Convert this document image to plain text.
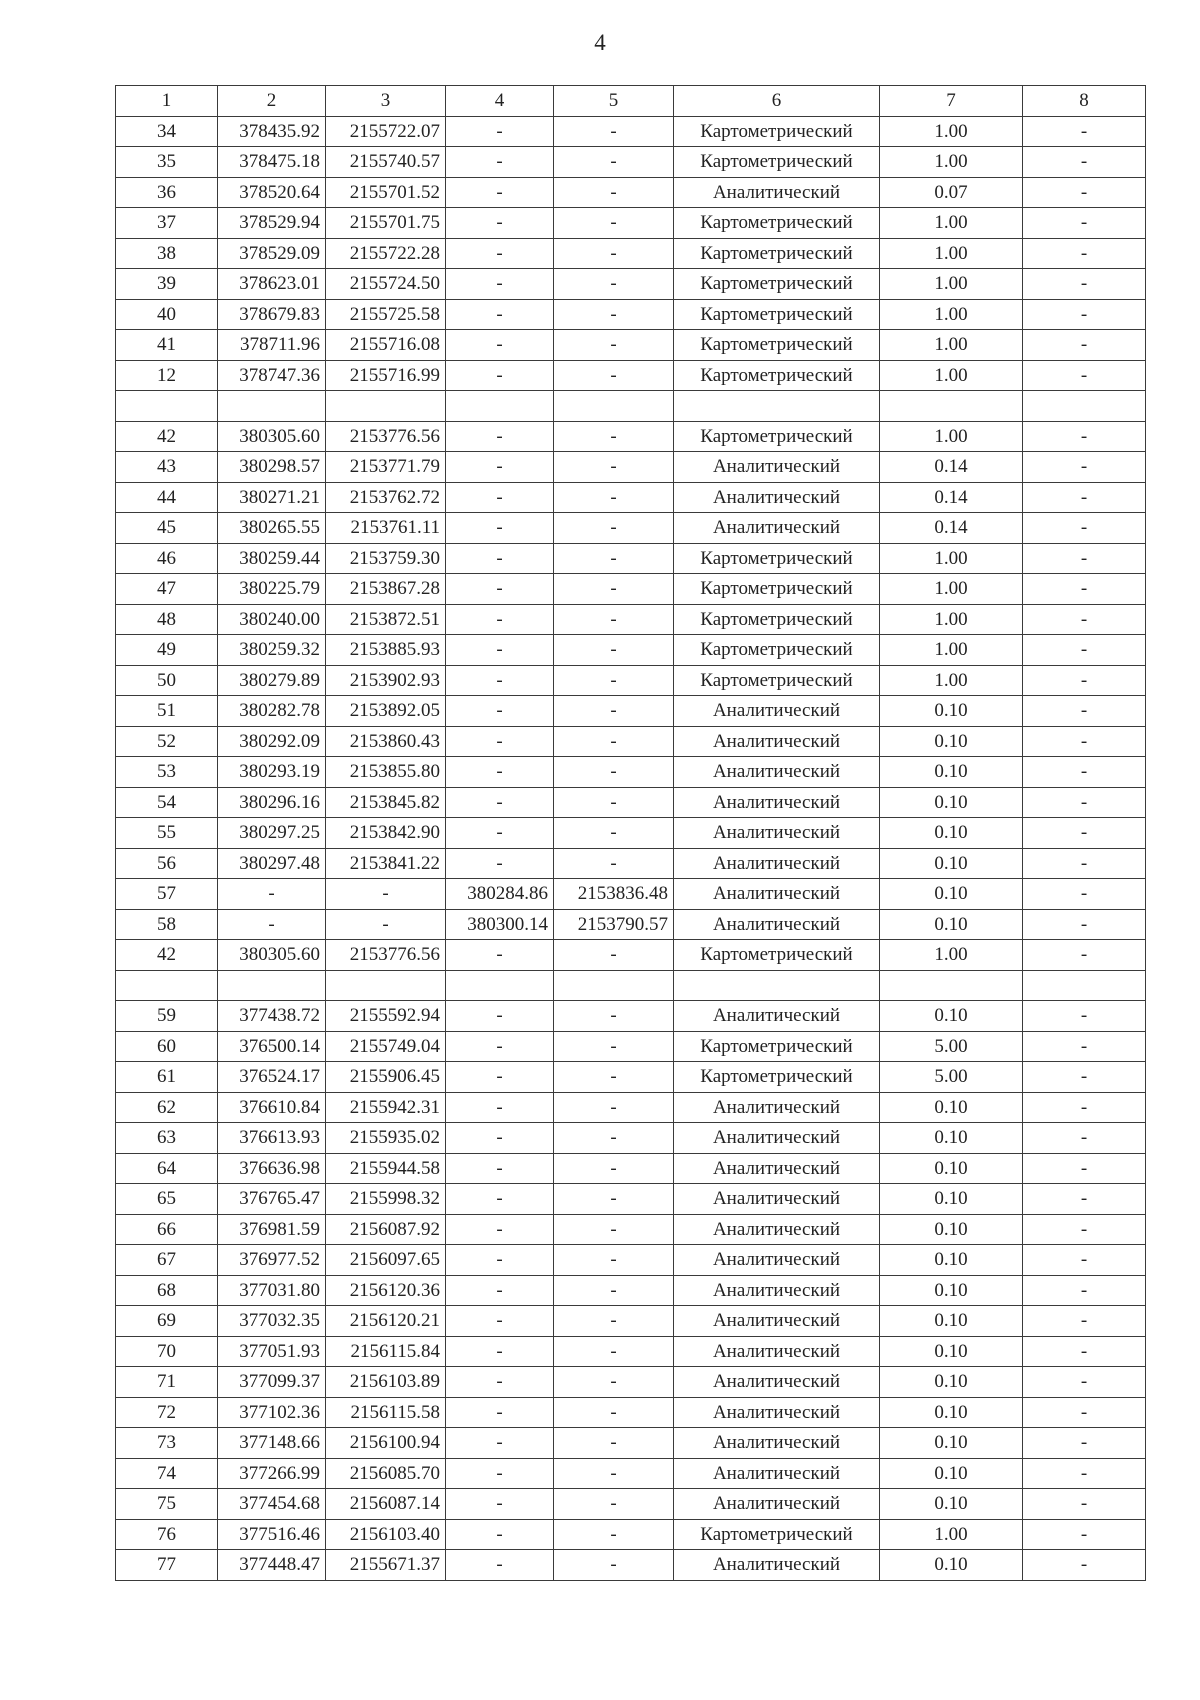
4
1	2	3	4	5	6	7	8
34	378435.92	2155722.07	-	-	Картометрический	1.00	-
35	378475.18	2155740.57	-	-	Картометрический	1.00	-
36	378520.64	2155701.52	-	-	Аналитический	0.07	-
37	378529.94	2155701.75	-	-	Картометрический	1.00	-
38	378529.09	2155722.28	-	-	Картометрический	1.00	-
39	378623.01	2155724.50	-	-	Картометрический	1.00	-
40	378679.83	2155725.58	-	-	Картометрический	1.00	-
41	378711.96	2155716.08	-	-	Картометрический	1.00	-
12	378747.36	2155716.99	-	-	Картометрический	1.00	-

42	380305.60	2153776.56	-	-	Картометрический	1.00	-
43	380298.57	2153771.79	-	-	Аналитический	0.14	-
44	380271.21	2153762.72	-	-	Аналитический	0.14	-
45	380265.55	2153761.11	-	-	Аналитический	0.14	-
46	380259.44	2153759.30	-	-	Картометрический	1.00	-
47	380225.79	2153867.28	-	-	Картометрический	1.00	-
48	380240.00	2153872.51	-	-	Картометрический	1.00	-
49	380259.32	2153885.93	-	-	Картометрический	1.00	-
50	380279.89	2153902.93	-	-	Картометрический	1.00	-
51	380282.78	2153892.05	-	-	Аналитический	0.10	-
52	380292.09	2153860.43	-	-	Аналитический	0.10	-
53	380293.19	2153855.80	-	-	Аналитический	0.10	-
54	380296.16	2153845.82	-	-	Аналитический	0.10	-
55	380297.25	2153842.90	-	-	Аналитический	0.10	-
56	380297.48	2153841.22	-	-	Аналитический	0.10	-
57	-	-	380284.86	2153836.48	Аналитический	0.10	-
58	-	-	380300.14	2153790.57	Аналитический	0.10	-
42	380305.60	2153776.56	-	-	Картометрический	1.00	-

59	377438.72	2155592.94	-	-	Аналитический	0.10	-
60	376500.14	2155749.04	-	-	Картометрический	5.00	-
61	376524.17	2155906.45	-	-	Картометрический	5.00	-
62	376610.84	2155942.31	-	-	Аналитический	0.10	-
63	376613.93	2155935.02	-	-	Аналитический	0.10	-
64	376636.98	2155944.58	-	-	Аналитический	0.10	-
65	376765.47	2155998.32	-	-	Аналитический	0.10	-
66	376981.59	2156087.92	-	-	Аналитический	0.10	-
67	376977.52	2156097.65	-	-	Аналитический	0.10	-
68	377031.80	2156120.36	-	-	Аналитический	0.10	-
69	377032.35	2156120.21	-	-	Аналитический	0.10	-
70	377051.93	2156115.84	-	-	Аналитический	0.10	-
71	377099.37	2156103.89	-	-	Аналитический	0.10	-
72	377102.36	2156115.58	-	-	Аналитический	0.10	-
73	377148.66	2156100.94	-	-	Аналитический	0.10	-
74	377266.99	2156085.70	-	-	Аналитический	0.10	-
75	377454.68	2156087.14	-	-	Аналитический	0.10	-
76	377516.46	2156103.40	-	-	Картометрический	1.00	-
77	377448.47	2155671.37	-	-	Аналитический	0.10	-
